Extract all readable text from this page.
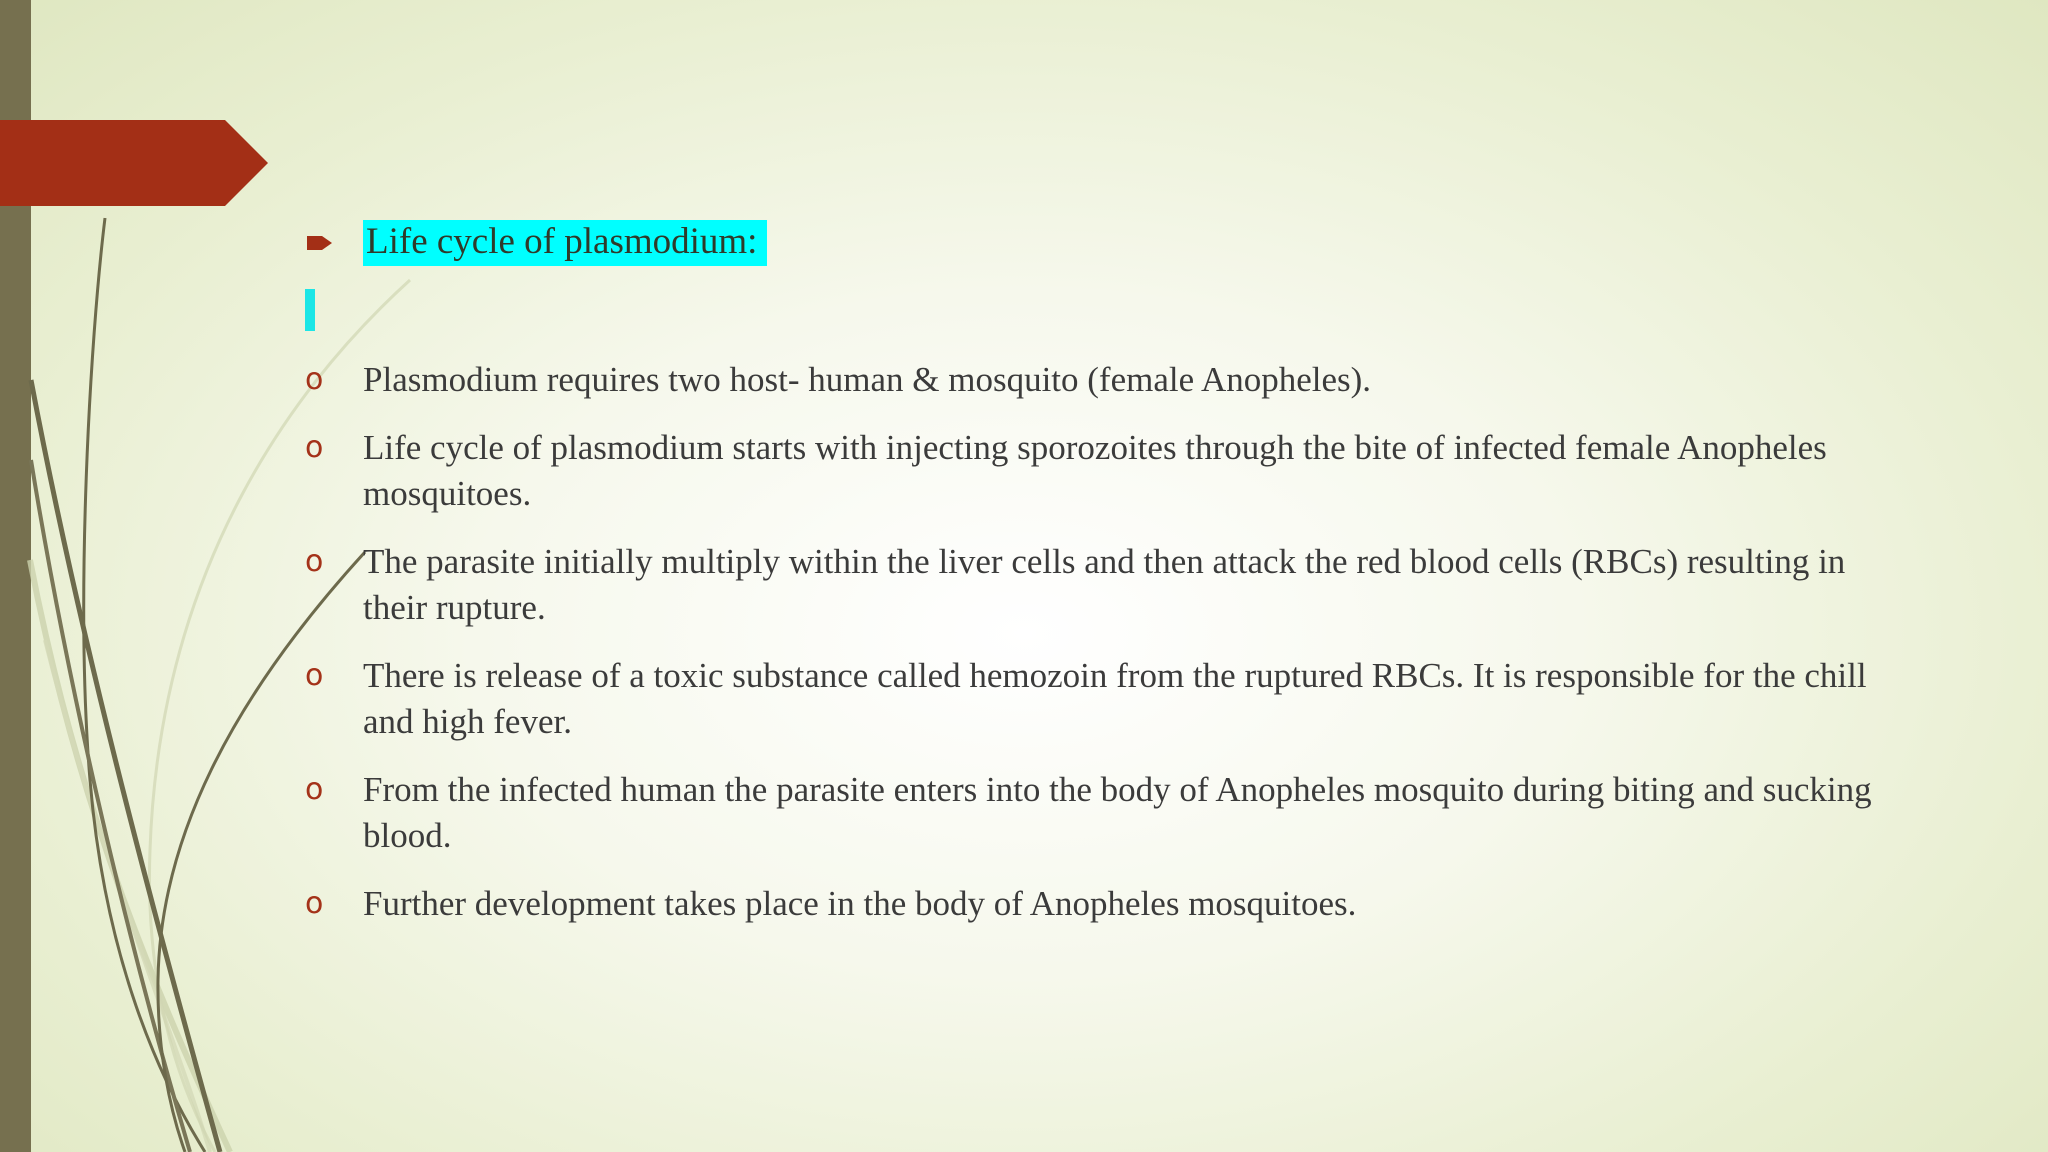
Life cycle of plasmodium:
o	Plasmodium requires two host- human & mosquito (female Anopheles).
o	Life cycle of plasmodium starts with injecting sporozoites through the bite of infected female Anopheles mosquitoes.
o	The parasite initially multiply within the liver cells and then attack the red blood cells (RBCs) resulting in their rupture.
o	There is release of a toxic substance called hemozoin from the ruptured RBCs. It is responsible for the chill and high fever.
o	From the infected human the parasite enters into the body of Anopheles mosquito during biting and sucking blood.
o	Further development takes place in the body of Anopheles mosquitoes.
